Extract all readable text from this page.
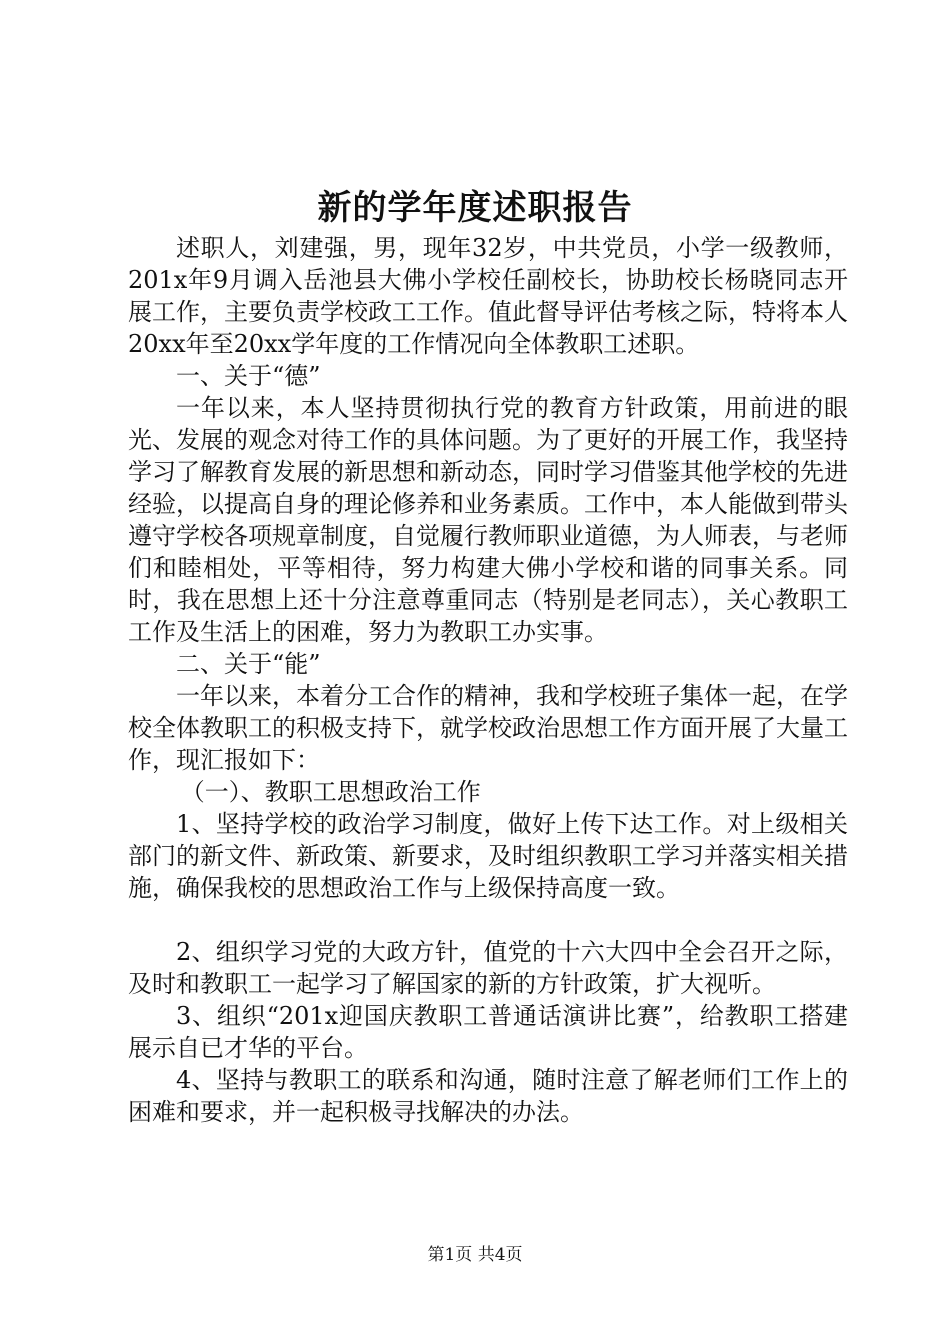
新的学年度述职报告

述职人，刘建强，男，现年32岁，中共党员，小学一级教师，201x年9月调入岳池县大佛小学校任副校长，协助校长杨晓同志开展工作，主要负责学校政工工作。值此督导评估考核之际，特将本人20xx年至20xx学年度的工作情况向全体教职工述职。

一、关于“德”

一年以来，本人坚持贯彻执行党的教育方针政策，用前进的眼光、发展的观念对待工作的具体问题。为了更好的开展工作，我坚持学习了解教育发展的新思想和新动态，同时学习借鉴其他学校的先进经验，以提高自身的理论修养和业务素质。工作中，本人能做到带头遵守学校各项规章制度，自觉履行教师职业道德，为人师表，与老师们和睦相处，平等相待，努力构建大佛小学校和谐的同事关系。同时，我在思想上还十分注意尊重同志（特别是老同志），关心教职工工作及生活上的困难，努力为教职工办实事。

二、关于“能”

一年以来，本着分工合作的精神，我和学校班子集体一起，在学校全体教职工的积极支持下，就学校政治思想工作方面开展了大量工作，现汇报如下：

（一）、教职工思想政治工作

1、坚持学校的政治学习制度，做好上传下达工作。对上级相关部门的新文件、新政策、新要求，及时组织教职工学习并落实相关措施，确保我校的思想政治工作与上级保持高度一致。

2、组织学习党的大政方针，值党的十六大四中全会召开之际，及时和教职工一起学习了解国家的新的方针政策，扩大视听。

3、组织“201x迎国庆教职工普通话演讲比赛”，给教职工搭建展示自已才华的平台。

4、坚持与教职工的联系和沟通，随时注意了解老师们工作上的困难和要求，并一起积极寻找解决的办法。

第1页 共4页
